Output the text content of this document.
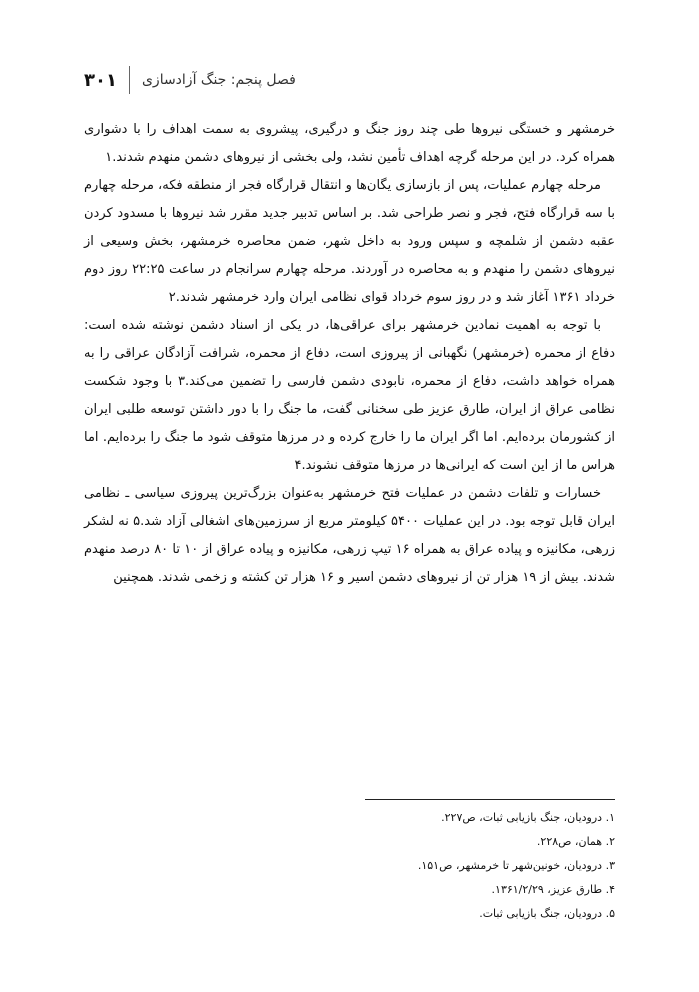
فصل پنجم: جنگ آزادسازی
۳۰۱

خرمشهر و خستگی نیروها طی چند روز جنگ و درگیری، پیشروی به سمت اهداف را با دشواری همراه کرد. در این مرحله گرچه اهداف تأمین نشد، ولی بخشی از نیروهای دشمن منهدم شدند.۱

مرحله چهارم عملیات، پس از بازسازی یگان‌ها و انتقال قرارگاه فجر از منطقه فکه، مرحله چهارم با سه قرارگاه فتح، فجر و نصر طراحی شد. بر اساس تدبیر جدید مقرر شد نیروها با مسدود کردن عقبه دشمن از شلمچه و سپس ورود به داخل شهر، ضمن محاصره خرمشهر، بخش وسیعی از نیروهای دشمن را منهدم و به محاصره در آوردند. مرحله چهارم سرانجام در ساعت ۲۲:۲۵ روز دوم خرداد ۱۳۶۱ آغاز شد و در روز سوم خرداد قوای نظامی ایران وارد خرمشهر شدند.۲

با توجه به اهمیت نمادین خرمشهر برای عراقی‌ها، در یکی از اسناد دشمن نوشته شده است: دفاع از محمره (خرمشهر) نگهبانی از پیروزی است، دفاع از محمره، شرافت آزادگان عراقی را به همراه خواهد داشت، دفاع از محمره، نابودی دشمن فارسی را تضمین می‌کند.۳ با وجود شکست نظامی عراق از ایران، طارق عزیز طی سخنانی گفت، ما جنگ را با دور داشتن توسعه طلبی ایران از کشورمان برده‌ایم. اما اگر ایران ما را خارج کرده و در مرزها متوقف شود ما جنگ را برده‌ایم. اما هراس ما از این است که ایرانی‌ها در مرزها متوقف نشوند.۴

خسارات و تلفات دشمن در عملیات فتح خرمشهر به‌عنوان بزرگ‌ترین پیروزی سیاسی ـ نظامی ایران قابل توجه بود. در این عملیات ۵۴۰۰ کیلومتر مربع از سرزمین‌های اشغالی آزاد شد.۵ نه لشکر زرهی، مکانیزه و پیاده عراق به همراه ۱۶ تیپ زرهی، مکانیزه و پیاده عراق از ۱۰ تا ۸۰ درصد منهدم شدند. بیش از ۱۹ هزار تن از نیروهای دشمن اسیر و ۱۶ هزار تن کشته و زخمی شدند. همچنین

۱. درودیان، جنگ بازیابی ثبات، ص۲۲۷.
۲. همان، ص۲۲۸.
۳. درودیان، خونین‌شهر تا خرمشهر، ص۱۵۱.
۴. طارق عزیز، ۱۳۶۱/۲/۲۹.
۵. درودیان، جنگ بازیابی ثبات.
